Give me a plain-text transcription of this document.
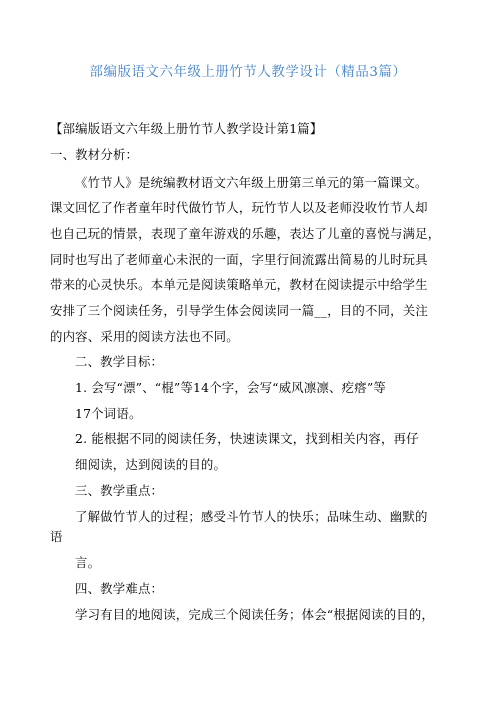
部编版语文六年级上册竹节人教学设计（精品3篇）
【部编版语文六年级上册竹节人教学设计第1篇】
一、教材分析：
《竹节人》是统编教材语文六年级上册第三单元的第一篇课文。
课文回忆了作者童年时代做竹节人，玩竹节人以及老师没收竹节人却
也自己玩的情景，表现了童年游戏的乐趣，表达了儿童的喜悦与满足，
同时也写出了老师童心未泯的一面，字里行间流露出简易的儿时玩具
带来的心灵快乐。本单元是阅读策略单元，教材在阅读提示中给学生
安排了三个阅读任务，引导学生体会阅读同一篇__，目的不同，关注
的内容、采用的阅读方法也不同。
二、教学目标：
1. 会写“漂”、“棍”等14个字，会写“威风凛凛、疙瘩”等
17个词语。
2. 能根据不同的阅读任务，快速读课文，找到相关内容，再仔
细阅读，达到阅读的目的。
三、教学重点：
了解做竹节人的过程；感受斗竹节人的快乐；品味生动、幽默的
语
言。
四、教学难点：
学习有目的地阅读，完成三个阅读任务；体会“根据阅读的目的，
